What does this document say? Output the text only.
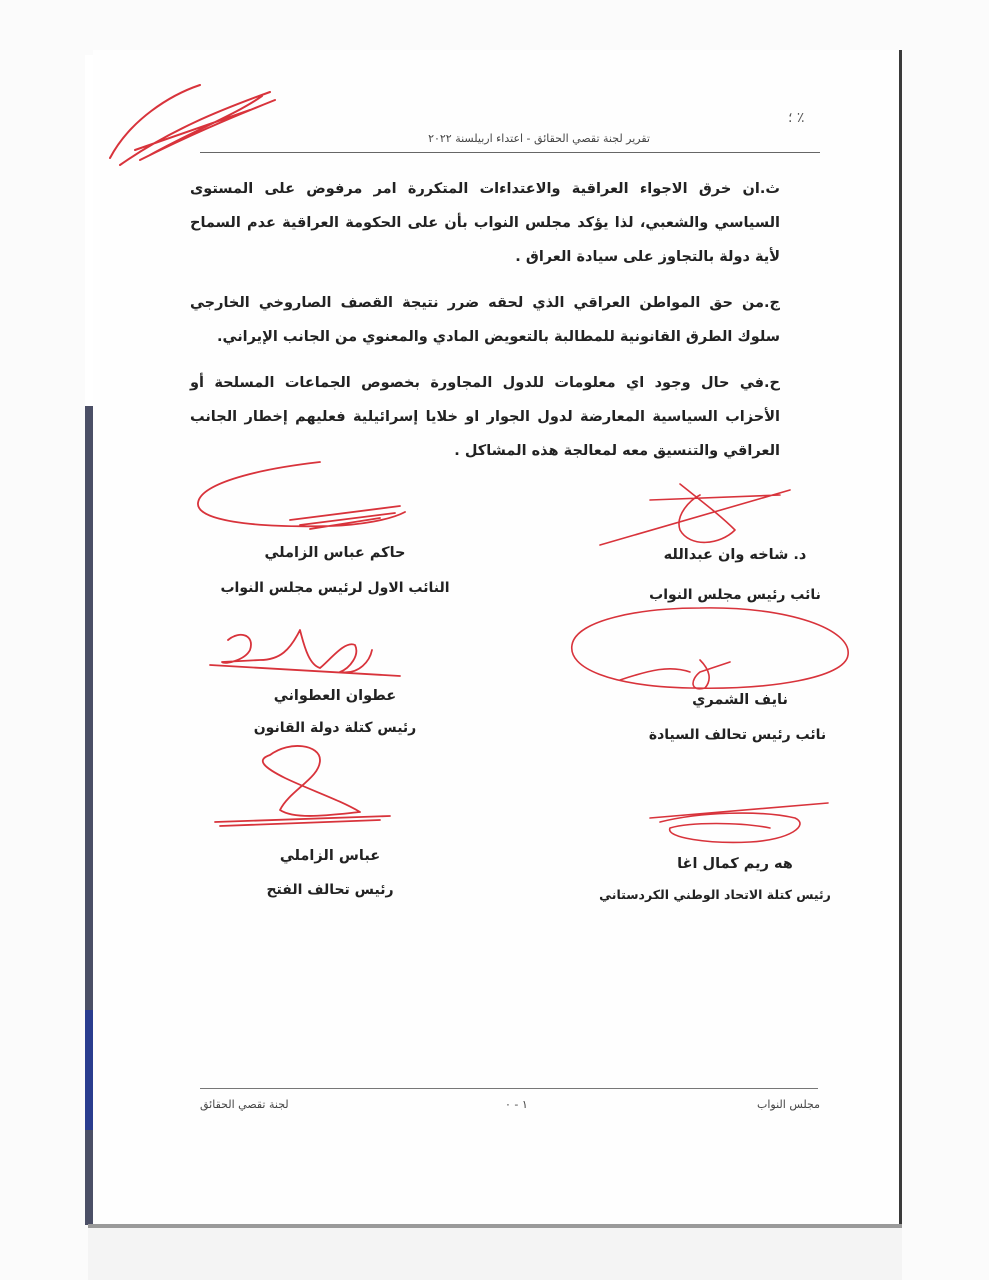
؛ ٪
تقرير لجنة تقصي الحقائق - اعتداء اربيلسنة ٢٠٢٢
ث.ان خرق الاجواء العراقية والاعتداءات المتكررة امر مرفوض على المستوى السياسي والشعبي، لذا يؤكد مجلس النواب بأن على الحكومة العراقية عدم السماح لأية دولة بالتجاوز على سيادة العراق .
ج.من حق المواطن العراقي الذي لحقه ضرر نتيجة القصف الصاروخي الخارجي سلوك الطرق القانونية للمطالبة بالتعويض المادي والمعنوي من الجانب الإيراني.
ح.في حال وجود اي معلومات للدول المجاورة بخصوص الجماعات المسلحة أو الأحزاب السياسية المعارضة لدول الجوار او خلايا إسرائيلية فعليهم إخطار الجانب العراقي والتنسيق معه لمعالجة هذه المشاكل .
حاكم عباس الزاملي
النائب الاول لرئيس مجلس النواب
د. شاخه وان عبدالله
نائب رئيس مجلس النواب
عطوان العطواني
رئيس كتلة دولة القانون
نايف الشمري
نائب رئيس تحالف السيادة
عباس الزاملي
رئيس تحالف الفتح
هه ريم كمال اغا
رئيس كتلة الاتحاد الوطني الكردستاني
لجنة تقصي الحقائق	١ - ٠	مجلس النواب
